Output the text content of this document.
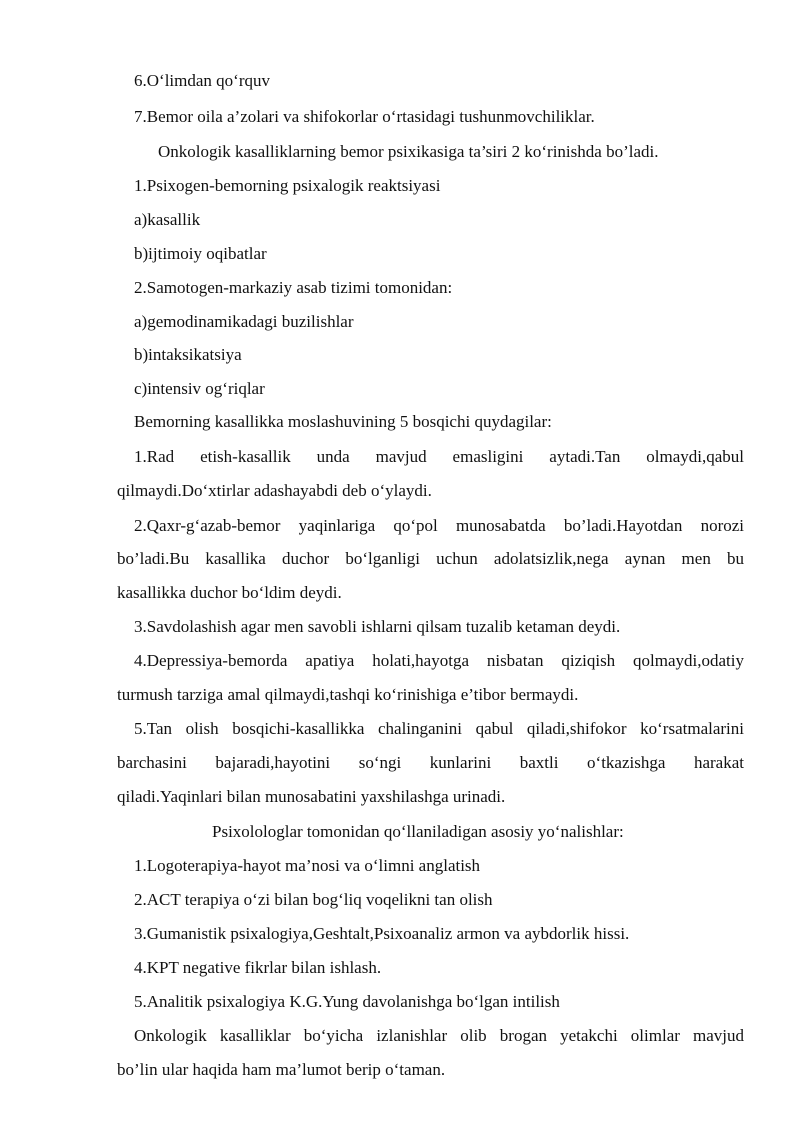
6.O‘limdan qo‘rquv
7.Bemor oila a’zolari va shifokorlar o‘rtasidagi tushunmovchiliklar.
Onkologik kasalliklarning bemor psixikasiga ta’siri 2 ko‘rinishda bo’ladi.
1.Psixogen-bemorning psixalogik reaktsiyasi
a)kasallik
b)ijtimoiy oqibatlar
2.Samotogen-markaziy asab tizimi tomonidan:
a)gemodinamikadagi buzilishlar
b)intaksikatsiya
c)intensiv og‘riqlar
Bemorning kasallikka moslashuvining 5 bosqichi quydagilar:
1.Rad etish-kasallik unda mavjud emasligini aytadi.Tan olmaydi,qabul
qilmaydi.Do‘xtirlar adashayabdi deb o‘ylaydi.
2.Qaxr-g‘azab-bemor yaqinlariga qo‘pol munosabatda bo’ladi.Hayotdan norozi
bo’ladi.Bu kasallika duchor bo‘lganligi uchun adolatsizlik,nega aynan men bu
kasallikka duchor bo‘ldim deydi.
3.Savdolashish agar men savobli ishlarni qilsam tuzalib ketaman deydi.
4.Depressiya-bemorda apatiya holati,hayotga nisbatan qiziqish qolmaydi,odatiy
turmush tarziga amal qilmaydi,tashqi ko‘rinishiga e’tibor bermaydi.
5.Tan olish bosqichi-kasallikka chalinganini qabul qiladi,shifokor ko‘rsatmalarini
barchasini bajaradi,hayotini so‘ngi kunlarini baxtli o‘tkazishga harakat
qiladi.Yaqinlari bilan munosabatini yaxshilashga urinadi.
Psixolologlar tomonidan qo‘llaniladigan asosiy yo‘nalishlar:
1.Logoterapiya-hayot ma’nosi va o‘limni anglatish
2.ACT terapiya o‘zi bilan bog‘liq voqelikni tan olish
3.Gumanistik psixalogiya,Geshtalt,Psixoanaliz armon va aybdorlik hissi.
4.KPT negative fikrlar bilan ishlash.
5.Analitik psixalogiya K.G.Yung davolanishga bo‘lgan intilish
Onkologik kasalliklar bo‘yicha izlanishlar olib brogan yetakchi olimlar mavjud
bo’lin ular haqida ham ma’lumot berip o‘taman.
